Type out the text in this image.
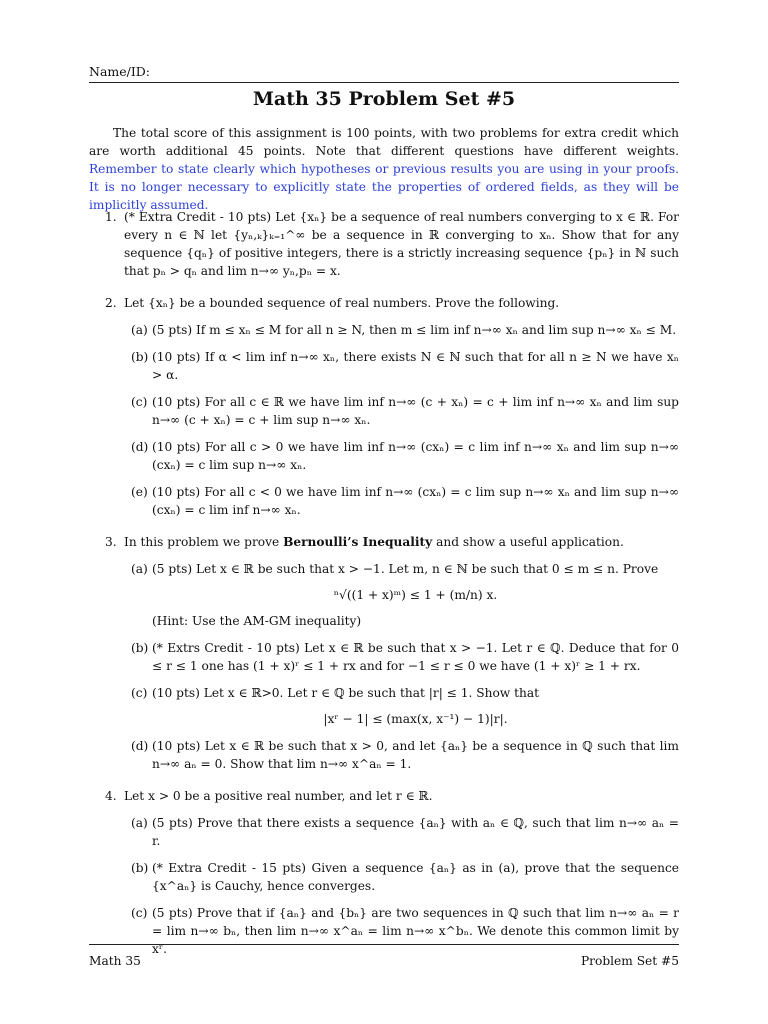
Name/ID:
Math 35 Problem Set #5

The total score of this assignment is 100 points, with two problems for extra credit which are worth additional 45 points. Note that different questions have different weights. Remember to state clearly which hypotheses or previous results you are using in your proofs. It is no longer necessary to explicitly state the properties of ordered fields, as they will be implicitly assumed.

1. (* Extra Credit - 10 pts) Let {xₙ} be a sequence of real numbers converging to x ∈ ℝ. For every n ∈ ℕ let {yₙ,ₖ}ₖ₌₁^∞ be a sequence in ℝ converging to xₙ. Show that for any sequence {qₙ} of positive integers, there is a strictly increasing sequence {pₙ} in ℕ such that pₙ > qₙ and lim n→∞ yₙ,pₙ = x.
2. Let {xₙ} be a bounded sequence of real numbers. Prove the following.
(a) (5 pts) If m ≤ xₙ ≤ M for all n ≥ N, then m ≤ lim inf n→∞ xₙ and lim sup n→∞ xₙ ≤ M.
(b) (10 pts) If α < lim inf n→∞ xₙ, there exists N ∈ ℕ such that for all n ≥ N we have xₙ > α.
(c) (10 pts) For all c ∈ ℝ we have lim inf n→∞ (c + xₙ) = c + lim inf n→∞ xₙ and lim sup n→∞ (c + xₙ) = c + lim sup n→∞ xₙ.
(d) (10 pts) For all c > 0 we have lim inf n→∞ (cxₙ) = c lim inf n→∞ xₙ and lim sup n→∞ (cxₙ) = c lim sup n→∞ xₙ.
(e) (10 pts) For all c < 0 we have lim inf n→∞ (cxₙ) = c lim sup n→∞ xₙ and lim sup n→∞ (cxₙ) = c lim inf n→∞ xₙ.
3. In this problem we prove Bernoulli’s Inequality and show a useful application.
(a) (5 pts) Let x ∈ ℝ be such that x > −1. Let m, n ∈ ℕ be such that 0 ≤ m ≤ n. Prove
ⁿ√((1 + x)ᵐ) ≤ 1 + (m/n) x.
(Hint: Use the AM-GM inequality)
(b) (* Extrs Credit - 10 pts) Let x ∈ ℝ be such that x > −1. Let r ∈ ℚ. Deduce that for 0 ≤ r ≤ 1 one has (1 + x)ʳ ≤ 1 + rx and for −1 ≤ r ≤ 0 we have (1 + x)ʳ ≥ 1 + rx.
(c) (10 pts) Let x ∈ ℝ>0. Let r ∈ ℚ be such that |r| ≤ 1. Show that
|xʳ − 1| ≤ (max(x, x⁻¹) − 1)|r|.
(d) (10 pts) Let x ∈ ℝ be such that x > 0, and let {aₙ} be a sequence in ℚ such that lim n→∞ aₙ = 0. Show that lim n→∞ x^aₙ = 1.
4. Let x > 0 be a positive real number, and let r ∈ ℝ.
(a) (5 pts) Prove that there exists a sequence {aₙ} with aₙ ∈ ℚ, such that lim n→∞ aₙ = r.
(b) (* Extra Credit - 15 pts) Given a sequence {aₙ} as in (a), prove that the sequence {x^aₙ} is Cauchy, hence converges.
(c) (5 pts) Prove that if {aₙ} and {bₙ} are two sequences in ℚ such that lim n→∞ aₙ = r = lim n→∞ bₙ, then lim n→∞ x^aₙ = lim n→∞ x^bₙ. We denote this common limit by xʳ.
Math 35	Problem Set #5
